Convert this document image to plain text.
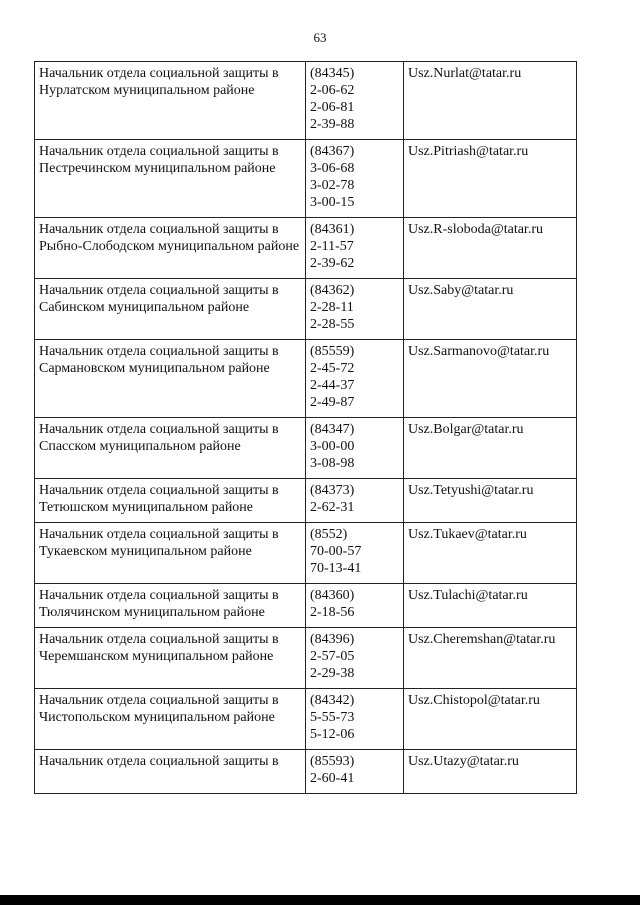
63
Начальник отдела социальной защиты в Нурлатском муниципальном районе	(84345)
2-06-62
2-06-81
2-39-88	Usz.Nurlat@tatar.ru
Начальник отдела социальной защиты в Пестречинском муниципальном районе	(84367)
3-06-68
3-02-78
3-00-15	Usz.Pitriash@tatar.ru
Начальник отдела социальной защиты в Рыбно-Слободском муниципальном районе	(84361)
2-11-57
2-39-62	Usz.R-sloboda@tatar.ru
Начальник отдела социальной защиты в Сабинском муниципальном районе	(84362)
2-28-11
2-28-55	Usz.Saby@tatar.ru
Начальник отдела социальной защиты в Сармановском муниципальном районе	(85559)
2-45-72
2-44-37
2-49-87	Usz.Sarmanovo@tatar.ru
Начальник отдела социальной защиты в Спасском муниципальном районе	(84347)
3-00-00
3-08-98	Usz.Bolgar@tatar.ru
Начальник отдела социальной защиты в Тетюшском муниципальном районе	(84373)
2-62-31	Usz.Tetyushi@tatar.ru
Начальник отдела социальной защиты в Тукаевском муниципальном районе	(8552)
70-00-57
70-13-41	Usz.Tukaev@tatar.ru
Начальник отдела социальной защиты в Тюлячинском муниципальном районе	(84360)
2-18-56	Usz.Tulachi@tatar.ru
Начальник отдела социальной защиты в Черемшанском муниципальном районе	(84396)
2-57-05
2-29-38	Usz.Cheremshan@tatar.ru
Начальник отдела социальной защиты в Чистопольском муниципальном районе	(84342)
5-55-73
5-12-06	Usz.Chistopol@tatar.ru
Начальник отдела социальной защиты в	(85593)
2-60-41	Usz.Utazy@tatar.ru
